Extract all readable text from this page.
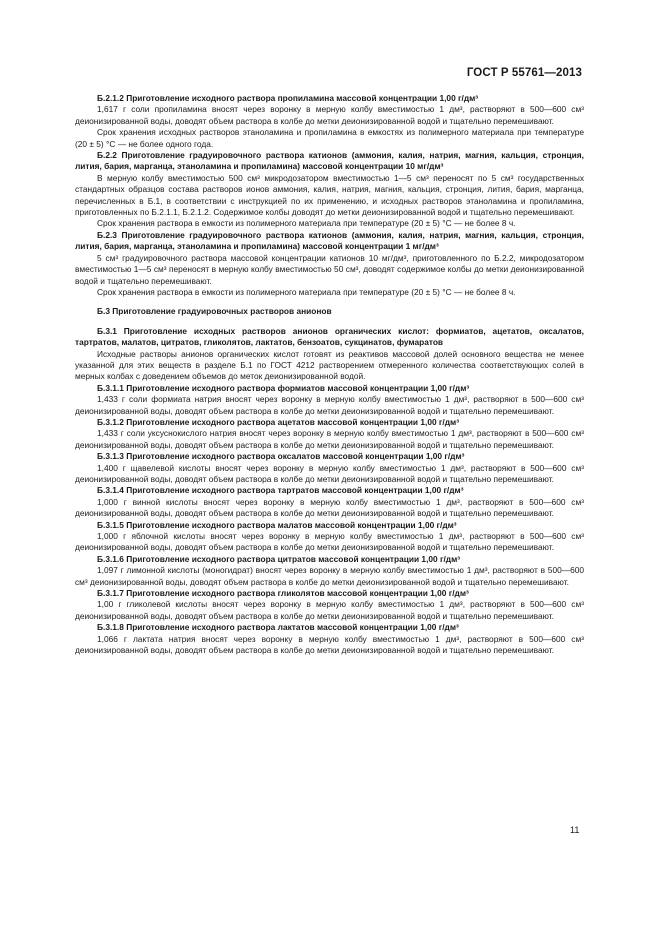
ГОСТ Р 55761—2013

Б.2.1.2 Приготовление исходного раствора пропиламина массовой концентрации 1,00 г/дм³

1,617 г соли пропиламина вносят через воронку в мерную колбу вместимостью 1 дм³, растворяют в 500—600 см³ деионизированной воды, доводят объем раствора в колбе до метки деионизированной водой и тщательно перемешивают.

Срок хранения исходных растворов этаноламина и пропиламина в емкостях из полимерного материала при температуре (20 ± 5) °С — не более одного года.

Б.2.2 Приготовление градуировочного раствора катионов (аммония, калия, натрия, магния, кальция, стронция, лития, бария, марганца, этаноламина и пропиламина) массовой концентрации 10 мг/дм³

В мерную колбу вместимостью 500 см³ микродозатором вместимостью 1—5 см³ переносят по 5 см³ государственных стандартных образцов состава растворов ионов аммония, калия, натрия, магния, кальция, стронция, лития, бария, марганца, перечисленных в Б.1, в соответствии с инструкцией по их применению, и исходных растворов этаноламина и пропиламина, приготовленных по Б.2.1.1, Б.2.1.2. Содержимое колбы доводят до метки деионизированной водой и тщательно перемешивают.

Срок хранения раствора в емкости из полимерного материала при температуре (20 ± 5) °С — не более 8 ч.

Б.2.3 Приготовление градуировочного раствора катионов (аммония, калия, натрия, магния, кальция, стронция, лития, бария, марганца, этаноламина и пропиламина) массовой концентрации 1 мг/дм³

5 см³ градуировочного раствора массовой концентрации катионов 10 мг/дм³, приготовленного по Б.2.2, микродозатором вместимостью 1—5 см³ переносят в мерную колбу вместимостью 50 см³, доводят содержимое колбы до метки деионизированной водой и тщательно перемешивают.

Срок хранения раствора в емкости из полимерного материала при температуре (20 ± 5) °С — не более 8 ч.

Б.3 Приготовление градуировочных растворов анионов

Б.3.1 Приготовление исходных растворов анионов органических кислот: формиатов, ацетатов, оксалатов, тартратов, малатов, цитратов, гликолятов, лактатов, бензоатов, сукцинатов, фумаратов

Исходные растворы анионов органических кислот готовят из реактивов массовой долей основного вещества не менее указанной для этих веществ в разделе Б.1 по ГОСТ 4212 растворением отмеренного количества соответствующих солей в мерных колбах с доведением объемов до меток деионизированной водой.

Б.3.1.1 Приготовление исходного раствора формиатов массовой концентрации 1,00 г/дм³

1,433 г соли формиата натрия вносят через воронку в мерную колбу вместимостью 1 дм³, растворяют в 500—600 см³ деионизированной воды, доводят объем раствора в колбе до метки деионизированной водой и тщательно перемешивают.

Б.3.1.2 Приготовление исходного раствора ацетатов массовой концентрации 1,00 г/дм³

1,433 г соли уксуснокислого натрия вносят через воронку в мерную колбу вместимостью 1 дм³, растворяют в 500—600 см³ деионизированной воды, доводят объем раствора в колбе до метки деионизированной водой и тщательно перемешивают.

Б.3.1.3 Приготовление исходного раствора оксалатов массовой концентрации 1,00 г/дм³

1,400 г щавелевой кислоты вносят через воронку в мерную колбу вместимостью 1 дм³, растворяют в 500—600 см³ деионизированной воды, доводят объем раствора в колбе до метки деионизированной водой и тщательно перемешивают.

Б.3.1.4 Приготовление исходного раствора тартратов массовой концентрации 1,00 г/дм³

1,000 г винной кислоты вносят через воронку в мерную колбу вместимостью 1 дм³, растворяют в 500—600 см³ деионизированной воды, доводят объем раствора в колбе до метки деионизированной водой и тщательно перемешивают.

Б.3.1.5 Приготовление исходного раствора малатов массовой концентрации 1,00 г/дм³

1,000 г яблочной кислоты вносят через воронку в мерную колбу вместимостью 1 дм³, растворяют в 500—600 см³ деионизированной воды, доводят объем раствора в колбе до метки деионизированной водой и тщательно перемешивают.

Б.3.1.6 Приготовление исходного раствора цитратов массовой концентрации 1,00 г/дм³

1,097 г лимонной кислоты (моногидрат) вносят через воронку в мерную колбу вместимостью 1 дм³, растворяют в 500—600 см³ деионизированной воды, доводят объем раствора в колбе до метки деионизированной водой и тщательно перемешивают.

Б.3.1.7 Приготовление исходного раствора гликолятов массовой концентрации 1,00 г/дм³

1,00 г гликолевой кислоты вносят через воронку в мерную колбу вместимостью 1 дм³, растворяют в 500—600 см³ деионизированной воды, доводят объем раствора в колбе до метки деионизированной водой и тщательно перемешивают.

Б.3.1.8 Приготовление исходного раствора лактатов массовой концентрации 1,00 г/дм³

1,066 г лактата натрия вносят через воронку в мерную колбу вместимостью 1 дм³, растворяют в 500—600 см³ деионизированной воды, доводят объем раствора в колбе до метки деионизированной водой и тщательно перемешивают.

11
